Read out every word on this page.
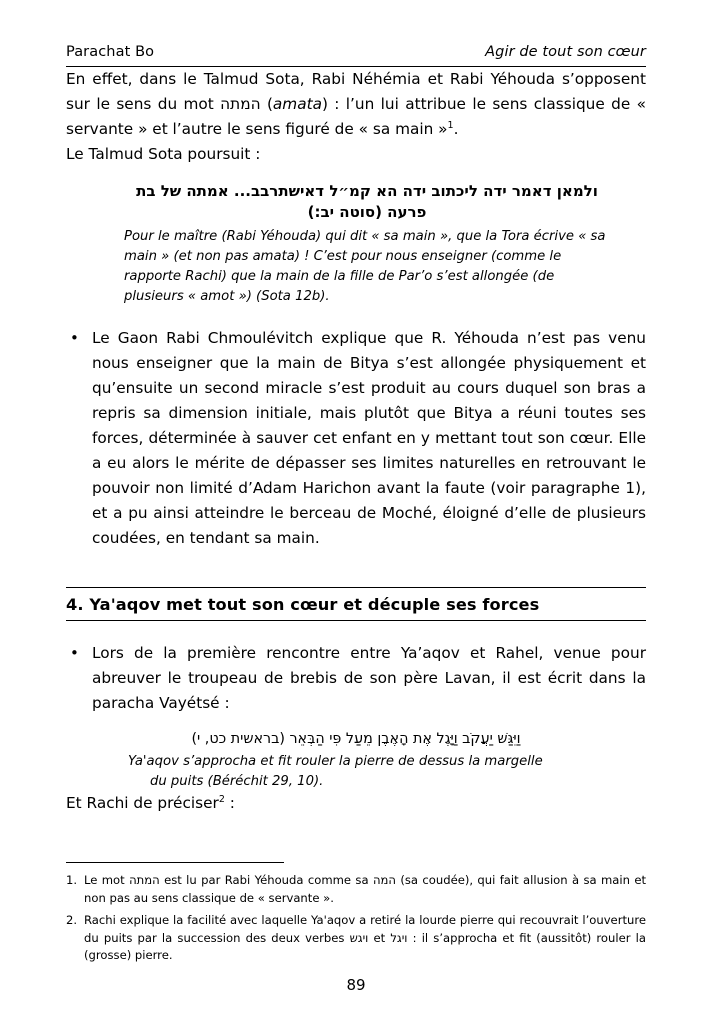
Parachat Bo	Agir de tout son cœur

En effet, dans le Talmud Sota, Rabi Néhémia et Rabi Yéhouda s’opposent sur le sens du mot המתה (amata) : l’un lui attribue le sens classique de « servante » et l’autre le sens figuré de « sa main »$^1$.

Le Talmud Sota poursuit :

ולמאן דאמר ידה ליכתוב ידה הא קמ״ל דאישתרבב... אמתה של בת
פרעה (סוטה יב:)
Pour le maître (Rabi Yéhouda) qui dit « sa main », que la Tora écrive « sa main » (et non pas amata) ! C’est pour nous enseigner (comme le rapporte Rachi) que la main de la fille de Par’o s’est allongée (de plusieurs « amot ») (Sota 12b).
• Le Gaon Rabi Chmoulévitch explique que R. Yéhouda n’est pas venu nous enseigner que la main de Bitya s’est allongée physiquement et qu’ensuite un second miracle s’est produit au cours duquel son bras a repris sa dimension initiale, mais plutôt que Bitya a réuni toutes ses forces, déterminée à sauver cet enfant en y mettant tout son cœur. Elle a eu alors le mérite de dépasser ses limites naturelles en retrouvant le pouvoir non limité d’Adam Harichon avant la faute (voir paragraphe 1), et a pu ainsi atteindre le berceau de Moché, éloigné d’elle de plusieurs coudées, en tendant sa main.
4. Ya'aqov met tout son cœur et décuple ses forces
• Lors de la première rencontre entre Ya’aqov et Rahel, venue pour abreuver le troupeau de brebis de son père Lavan, il est écrit dans la paracha Vayétsé :
וַיִּגַּשׁ יַעֲקֹב וַיָּגֶל אֶת הָאֶבֶן מֵעַל פִּי הַבְּאֵר (בראשית כט, י)
Ya'aqov s’approcha et fit rouler la pierre de dessus la margelle
du puits (Béréchit 29, 10).

Et Rachi de préciser$^2$ :

1. Le mot המתה est lu par Rabi Yéhouda comme sa המה (sa coudée), qui fait allusion à sa main et non pas au sens classique de « servante ».
2. Rachi explique la facilité avec laquelle Ya'aqov a retiré la lourde pierre qui recouvrait l’ouverture du puits par la succession des deux verbes ויגש et ויגל : il s’approcha et fit (aussitôt) rouler la (grosse) pierre.
89
